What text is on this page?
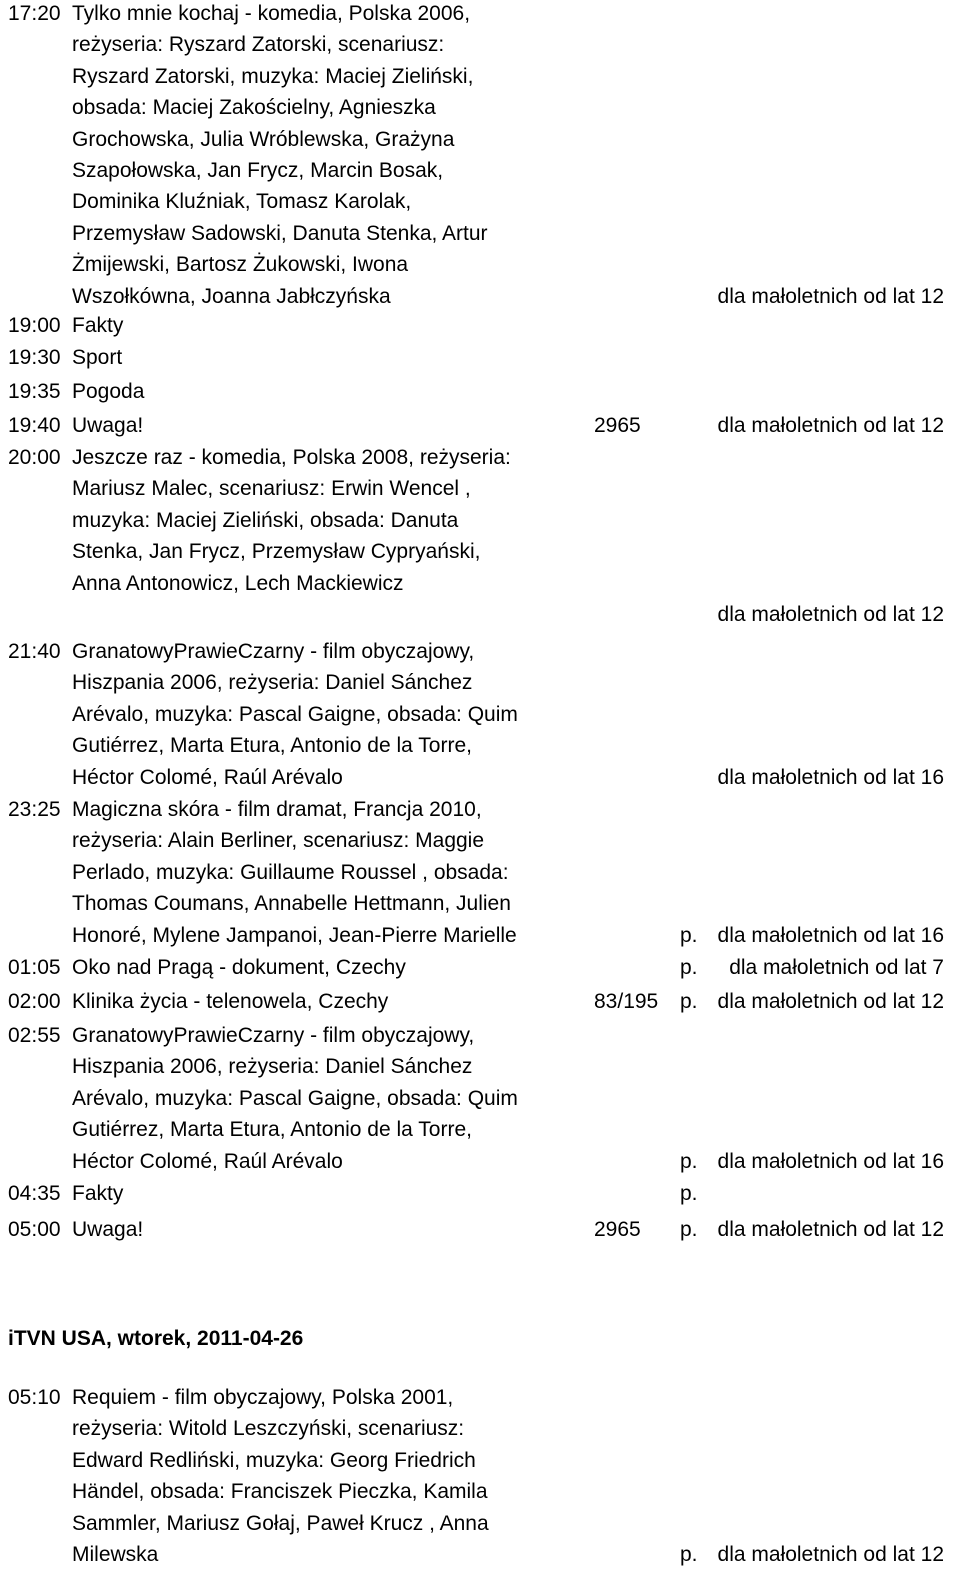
17:20 Tylko mnie kochaj - komedia, Polska 2006,
reżyseria: Ryszard Zatorski, scenariusz:
Ryszard Zatorski, muzyka: Maciej Zieliński,
obsada: Maciej Zakościelny, Agnieszka
Grochowska, Julia Wróblewska, Grażyna
Szapołowska, Jan Frycz, Marcin Bosak,
Dominika Kluźniak, Tomasz Karolak,
Przemysław Sadowski, Danuta Stenka, Artur
Żmijewski, Bartosz Żukowski, Iwona
Wszołkówna, Joanna Jabłczyńska	dla małoletnich od lat 12
19:00 Fakty
19:30 Sport
19:35 Pogoda
19:40 Uwaga!	2965	dla małoletnich od lat 12
20:00 Jeszcze raz - komedia, Polska 2008, reżyseria:
Mariusz Malec, scenariusz: Erwin Wencel ,
muzyka: Maciej Zieliński, obsada: Danuta
Stenka, Jan Frycz, Przemysław Cypryański,
Anna Antonowicz, Lech Mackiewicz
dla małoletnich od lat 12
21:40 GranatowyPrawieCzarny - film obyczajowy,
Hiszpania 2006, reżyseria: Daniel Sánchez
Arévalo, muzyka: Pascal Gaigne, obsada: Quim
Gutiérrez, Marta Etura, Antonio de la Torre,
Héctor Colomé, Raúl Arévalo	dla małoletnich od lat 16
23:25 Magiczna skóra - film dramat, Francja 2010,
reżyseria: Alain Berliner, scenariusz: Maggie
Perlado, muzyka: Guillaume Roussel , obsada:
Thomas Coumans, Annabelle Hettmann, Julien
Honoré, Mylene Jampanoi, Jean-Pierre Marielle	p. dla małoletnich od lat 16
01:05 Oko nad Pragą - dokument, Czechy	p. dla małoletnich od lat 7
02:00 Klinika życia - telenowela, Czechy	83/195 p. dla małoletnich od lat 12
02:55 GranatowyPrawieCzarny - film obyczajowy,
Hiszpania 2006, reżyseria: Daniel Sánchez
Arévalo, muzyka: Pascal Gaigne, obsada: Quim
Gutiérrez, Marta Etura, Antonio de la Torre,
Héctor Colomé, Raúl Arévalo	p. dla małoletnich od lat 16
04:35 Fakty	p.
05:00 Uwaga!	2965 p. dla małoletnich od lat 12
iTVN USA, wtorek, 2011-04-26
05:10 Requiem - film obyczajowy, Polska 2001,
reżyseria: Witold Leszczyński, scenariusz:
Edward Redliński, muzyka: Georg Friedrich
Händel, obsada: Franciszek Pieczka, Kamila
Sammler, Mariusz Gołaj, Paweł Krucz , Anna
Milewska	p. dla małoletnich od lat 12
